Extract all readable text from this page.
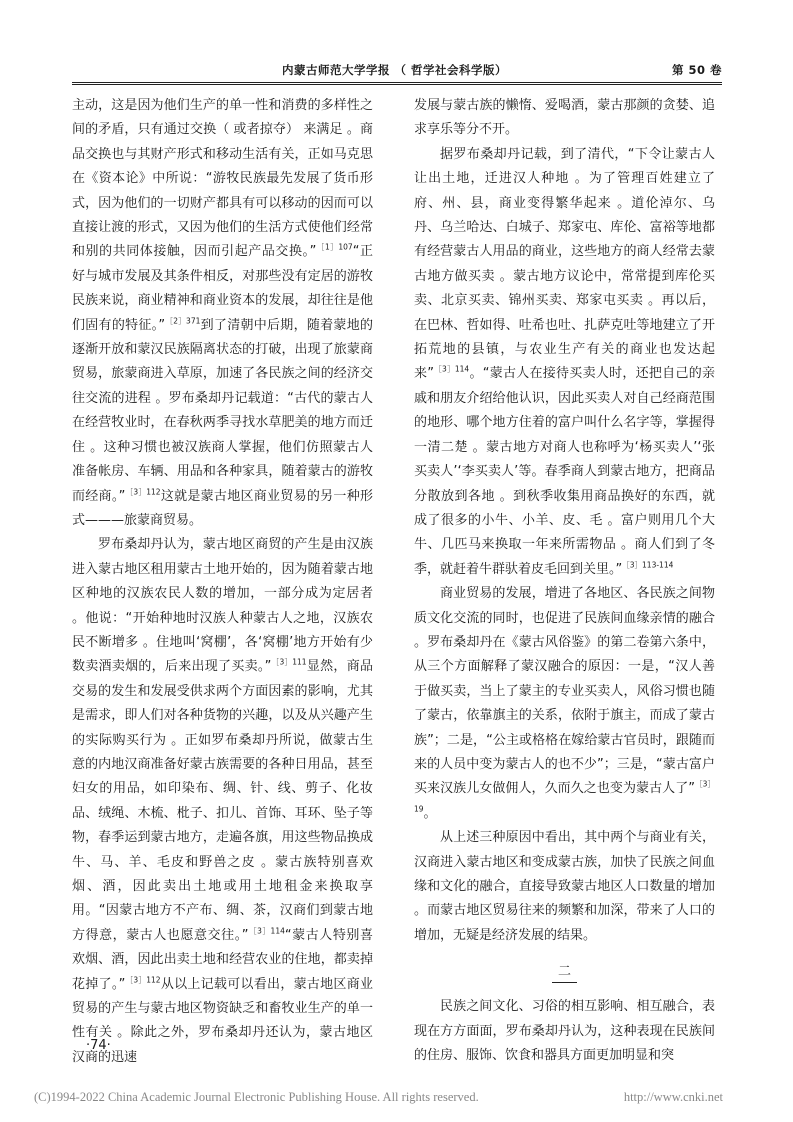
内蒙古师范大学学报 （ 哲学社会科学版）	第 50 卷

主动，这是因为他们生产的单一性和消费的多样性之间的矛盾，只有通过交换（ 或者掠夺） 来满足 。商品交换也与其财产形式和移动生活有关，正如马克思在《资本论》中所说：“游牧民族最先发展了货币形式，因为他们的一切财产都具有可以移动的因而可以直接让渡的形式，又因为他们的生活方式使他们经常和别的共同体接触，因而引起产品交换。”$^{[1]107}$“正好与城市发展及其条件相反，对那些没有定居的游牧民族来说，商业精神和商业资本的发展，却往往是他们固有的特征。”$^{[2]371}$到了清朝中后期，随着蒙地的逐渐开放和蒙汉民族隔离状态的打破，出现了旅蒙商贸易，旅蒙商进入草原，加速了各民族之间的经济交往交流的进程 。罗布桑却丹记载道：“古代的蒙古人在经营牧业时，在春秋两季寻找水草肥美的地方而迁住 。这种习惯也被汉族商人掌握，他们仿照蒙古人准备帐房、车辆、用品和各种家具，随着蒙古的游牧而经商。”$^{[3]112}$这就是蒙古地区商业贸易的另一种形式———旅蒙商贸易。

罗布桑却丹认为，蒙古地区商贸的产生是由汉族进入蒙古地区租用蒙古土地开始的，因为随着蒙古地区种地的汉族农民人数的增加，一部分成为定居者 。他说：“开始种地时汉族人种蒙古人之地，汉族农民不断增多 。住地叫‘窝棚’，各‘窝棚’地方开始有少数卖酒卖烟的，后来出现了买卖。”$^{[3]111}$显然，商品交易的发生和发展受供求两个方面因素的影响，尤其是需求，即人们对各种货物的兴趣，以及从兴趣产生的实际购买行为 。正如罗布桑却丹所说，做蒙古生意的内地汉商准备好蒙古族需要的各种日用品，甚至妇女的用品，如印染布、绸、针、线、剪子、化妆品、绒绳、木梳、枇子、扣儿、首饰、耳环、坠子等物，春季运到蒙古地方，走遍各旗，用这些物品换成牛、马、羊、毛皮和野兽之皮 。蒙古族特别喜欢烟、酒，因此卖出土地或用土地租金来换取享用。“因蒙古地方不产布、绸、茶，汉商们到蒙古地方得意，蒙古人也愿意交往。”$^{[3]114}$“蒙古人特别喜欢烟、酒，因此出卖土地和经营农业的住地，都卖掉花掉了。”$^{[3]112}$从以上记载可以看出，蒙古地区商业贸易的产生与蒙古地区物资缺乏和畜牧业生产的单一性有关 。除此之外，罗布桑却丹还认为，蒙古地区汉商的迅速

发展与蒙古族的懒惰、爱喝酒，蒙古那颜的贪婪、追求享乐等分不开。

据罗布桑却丹记载，到了清代，“下令让蒙古人让出土地，迁进汉人种地 。为了管理百姓建立了府、州、县，商业变得繁华起来 。道伦淖尔、乌丹、乌兰哈达、白城子、郑家屯、库伦、富裕等地都有经营蒙古人用品的商业，这些地方的商人经常去蒙古地方做买卖 。蒙古地方议论中，常常提到库伦买卖、北京买卖、锦州买卖、郑家屯买卖 。再以后，在巴林、哲如得、吐希也吐、扎萨克吐等地建立了开拓荒地的县镇，与农业生产有关的商业也发达起来”$^{[3]114}$。“蒙古人在接待买卖人时，还把自己的亲戚和朋友介绍给他认识，因此买卖人对自己经商范围的地形、哪个地方住着的富户叫什么名字等，掌握得一清二楚 。蒙古地方对商人也称呼为‘杨买卖人’‘张买卖人’‘李买卖人’等。春季商人到蒙古地方，把商品分散放到各地 。到秋季收集用商品换好的东西，就成了很多的小牛、小羊、皮、毛 。富户则用几个大牛、几匹马来换取一年来所需物品 。商人们到了冬季，就赶着牛群驮着皮毛回到关里。”$^{[3]113-114}$

商业贸易的发展，增进了各地区、各民族之间物质文化交流的同时，也促进了民族间血缘亲情的融合 。罗布桑却丹在《蒙古风俗鉴》的第二卷第六条中，从三个方面解释了蒙汉融合的原因：一是，“汉人善于做买卖，当上了蒙主的专业买卖人，风俗习惯也随了蒙古，依靠旗主的关系，依附于旗主，而成了蒙古族”；二是，“公主或格格在嫁给蒙古官员时，跟随而来的人员中变为蒙古人的也不少”；三是，“蒙古富户买来汉族儿女做佣人，久而久之也变为蒙古人了”$^{[3]19}$。

从上述三种原因中看出，其中两个与商业有关，汉商进入蒙古地区和变成蒙古族，加快了民族之间血缘和文化的融合，直接导致蒙古地区人口数量的增加 。而蒙古地区贸易往来的频繁和加深，带来了人口的增加，无疑是经济发展的结果。

二

民族之间文化、习俗的相互影响、相互融合，表现在方方面面，罗布桑却丹认为，这种表现在民族间的住房、服饰、饮食和器具方面更加明显和突

·74·
(C)1994-2022 China Academic Journal Electronic Publishing House. All rights reserved.	http://www.cnki.net
